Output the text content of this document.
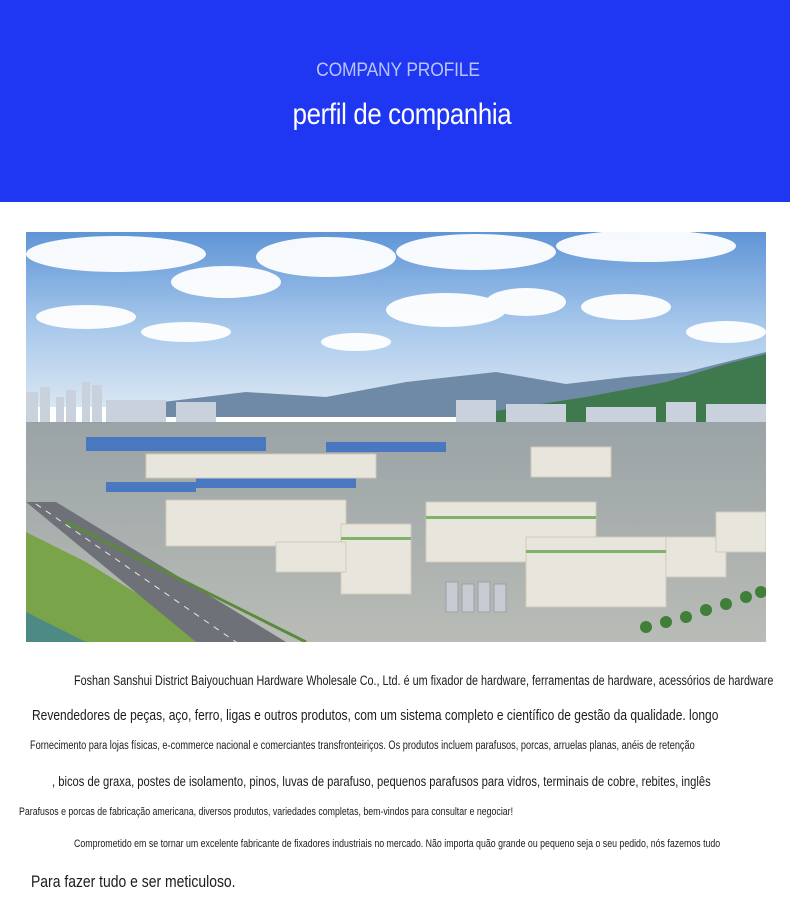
COMPANY PROFILE
perfil de companhia
Foshan Sanshui District Baiyouchuan Hardware Wholesale Co., Ltd. é um fixador de hardware, ferramentas de hardware, acessórios de hardware
Revendedores de peças, aço, ferro, ligas e outros produtos, com um sistema completo e científico de gestão da qualidade. longo
Fornecimento para lojas físicas, e-commerce nacional e comerciantes transfronteiriços. Os produtos incluem parafusos, porcas, arruelas planas, anéis de retenção
, bicos de graxa, postes de isolamento, pinos, luvas de parafuso, pequenos parafusos para vidros, terminais de cobre, rebites, inglês
Parafusos e porcas de fabricação americana, diversos produtos, variedades completas, bem-vindos para consultar e negociar!
Comprometido em se tornar um excelente fabricante de fixadores industriais no mercado. Não importa quão grande ou pequeno seja o seu pedido, nós fazemos tudo
Para fazer tudo e ser meticuloso.
